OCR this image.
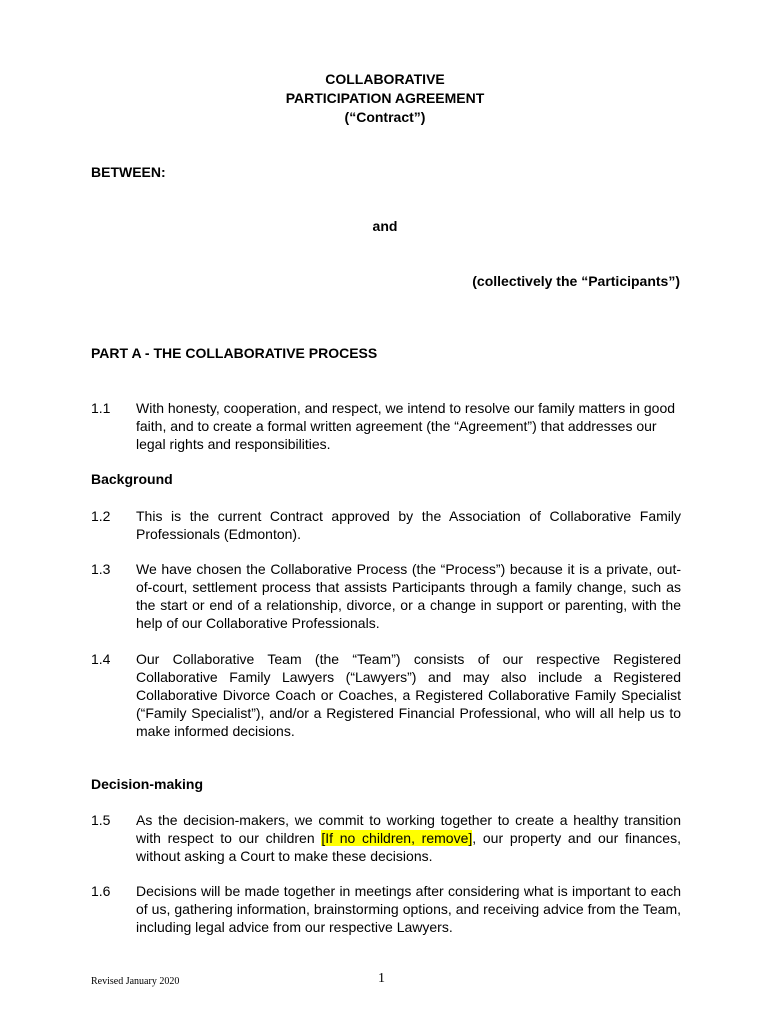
COLLABORATIVE
PARTICIPATION AGREEMENT
(“Contract”)
BETWEEN:
and
(collectively the “Participants”)
PART A - THE COLLABORATIVE PROCESS
1.1 With honesty, cooperation, and respect, we intend to resolve our family matters in good faith, and to create a formal written agreement (the “Agreement”) that addresses our legal rights and responsibilities.
Background
1.2 This is the current Contract approved by the Association of Collaborative Family Professionals (Edmonton).
1.3 We have chosen the Collaborative Process (the “Process”) because it is a private, out-of-court, settlement process that assists Participants through a family change, such as the start or end of a relationship, divorce, or a change in support or parenting, with the help of our Collaborative Professionals.
1.4 Our Collaborative Team (the “Team”) consists of our respective Registered Collaborative Family Lawyers (“Lawyers”) and may also include a Registered Collaborative Divorce Coach or Coaches, a Registered Collaborative Family Specialist (“Family Specialist”), and/or a Registered Financial Professional, who will all help us to make informed decisions.
Decision-making
1.5 As the decision-makers, we commit to working together to create a healthy transition with respect to our children [If no children, remove], our property and our finances, without asking a Court to make these decisions.
1.6 Decisions will be made together in meetings after considering what is important to each of us, gathering information, brainstorming options, and receiving advice from the Team, including legal advice from our respective Lawyers.
Revised January 2020	1
